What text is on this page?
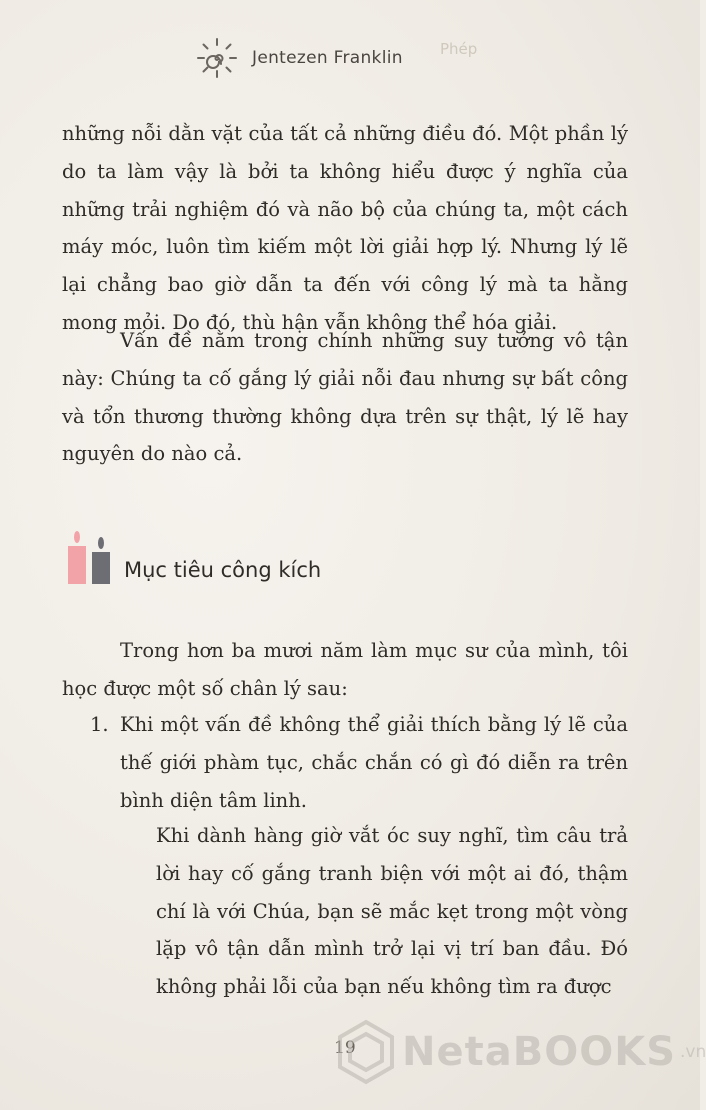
Jentezen Franklin Phép

những nỗi dằn vặt của tất cả những điều đó. Một phần lý do ta làm vậy là bởi ta không hiểu được ý nghĩa của những trải nghiệm đó và não bộ của chúng ta, một cách máy móc, luôn tìm kiếm một lời giải hợp lý. Nhưng lý lẽ lại chẳng bao giờ dẫn ta đến với công lý mà ta hằng mong mỏi. Do đó, thù hận vẫn không thể hóa giải.

Vấn đề nằm trong chính những suy tưởng vô tận này: Chúng ta cố gắng lý giải nỗi đau nhưng sự bất công và tổn thương thường không dựa trên sự thật, lý lẽ hay nguyên do nào cả.

Mục tiêu công kích

Trong hơn ba mươi năm làm mục sư của mình, tôi học được một số chân lý sau:

1. Khi một vấn đề không thể giải thích bằng lý lẽ của thế giới phàm tục, chắc chắn có gì đó diễn ra trên bình diện tâm linh.

Khi dành hàng giờ vắt óc suy nghĩ, tìm câu trả lời hay cố gắng tranh biện với một ai đó, thậm chí là với Chúa, bạn sẽ mắc kẹt trong một vòng lặp vô tận dẫn mình trở lại vị trí ban đầu. Đó không phải lỗi của bạn nếu không tìm ra được

19 NetaBOOKS .vn
